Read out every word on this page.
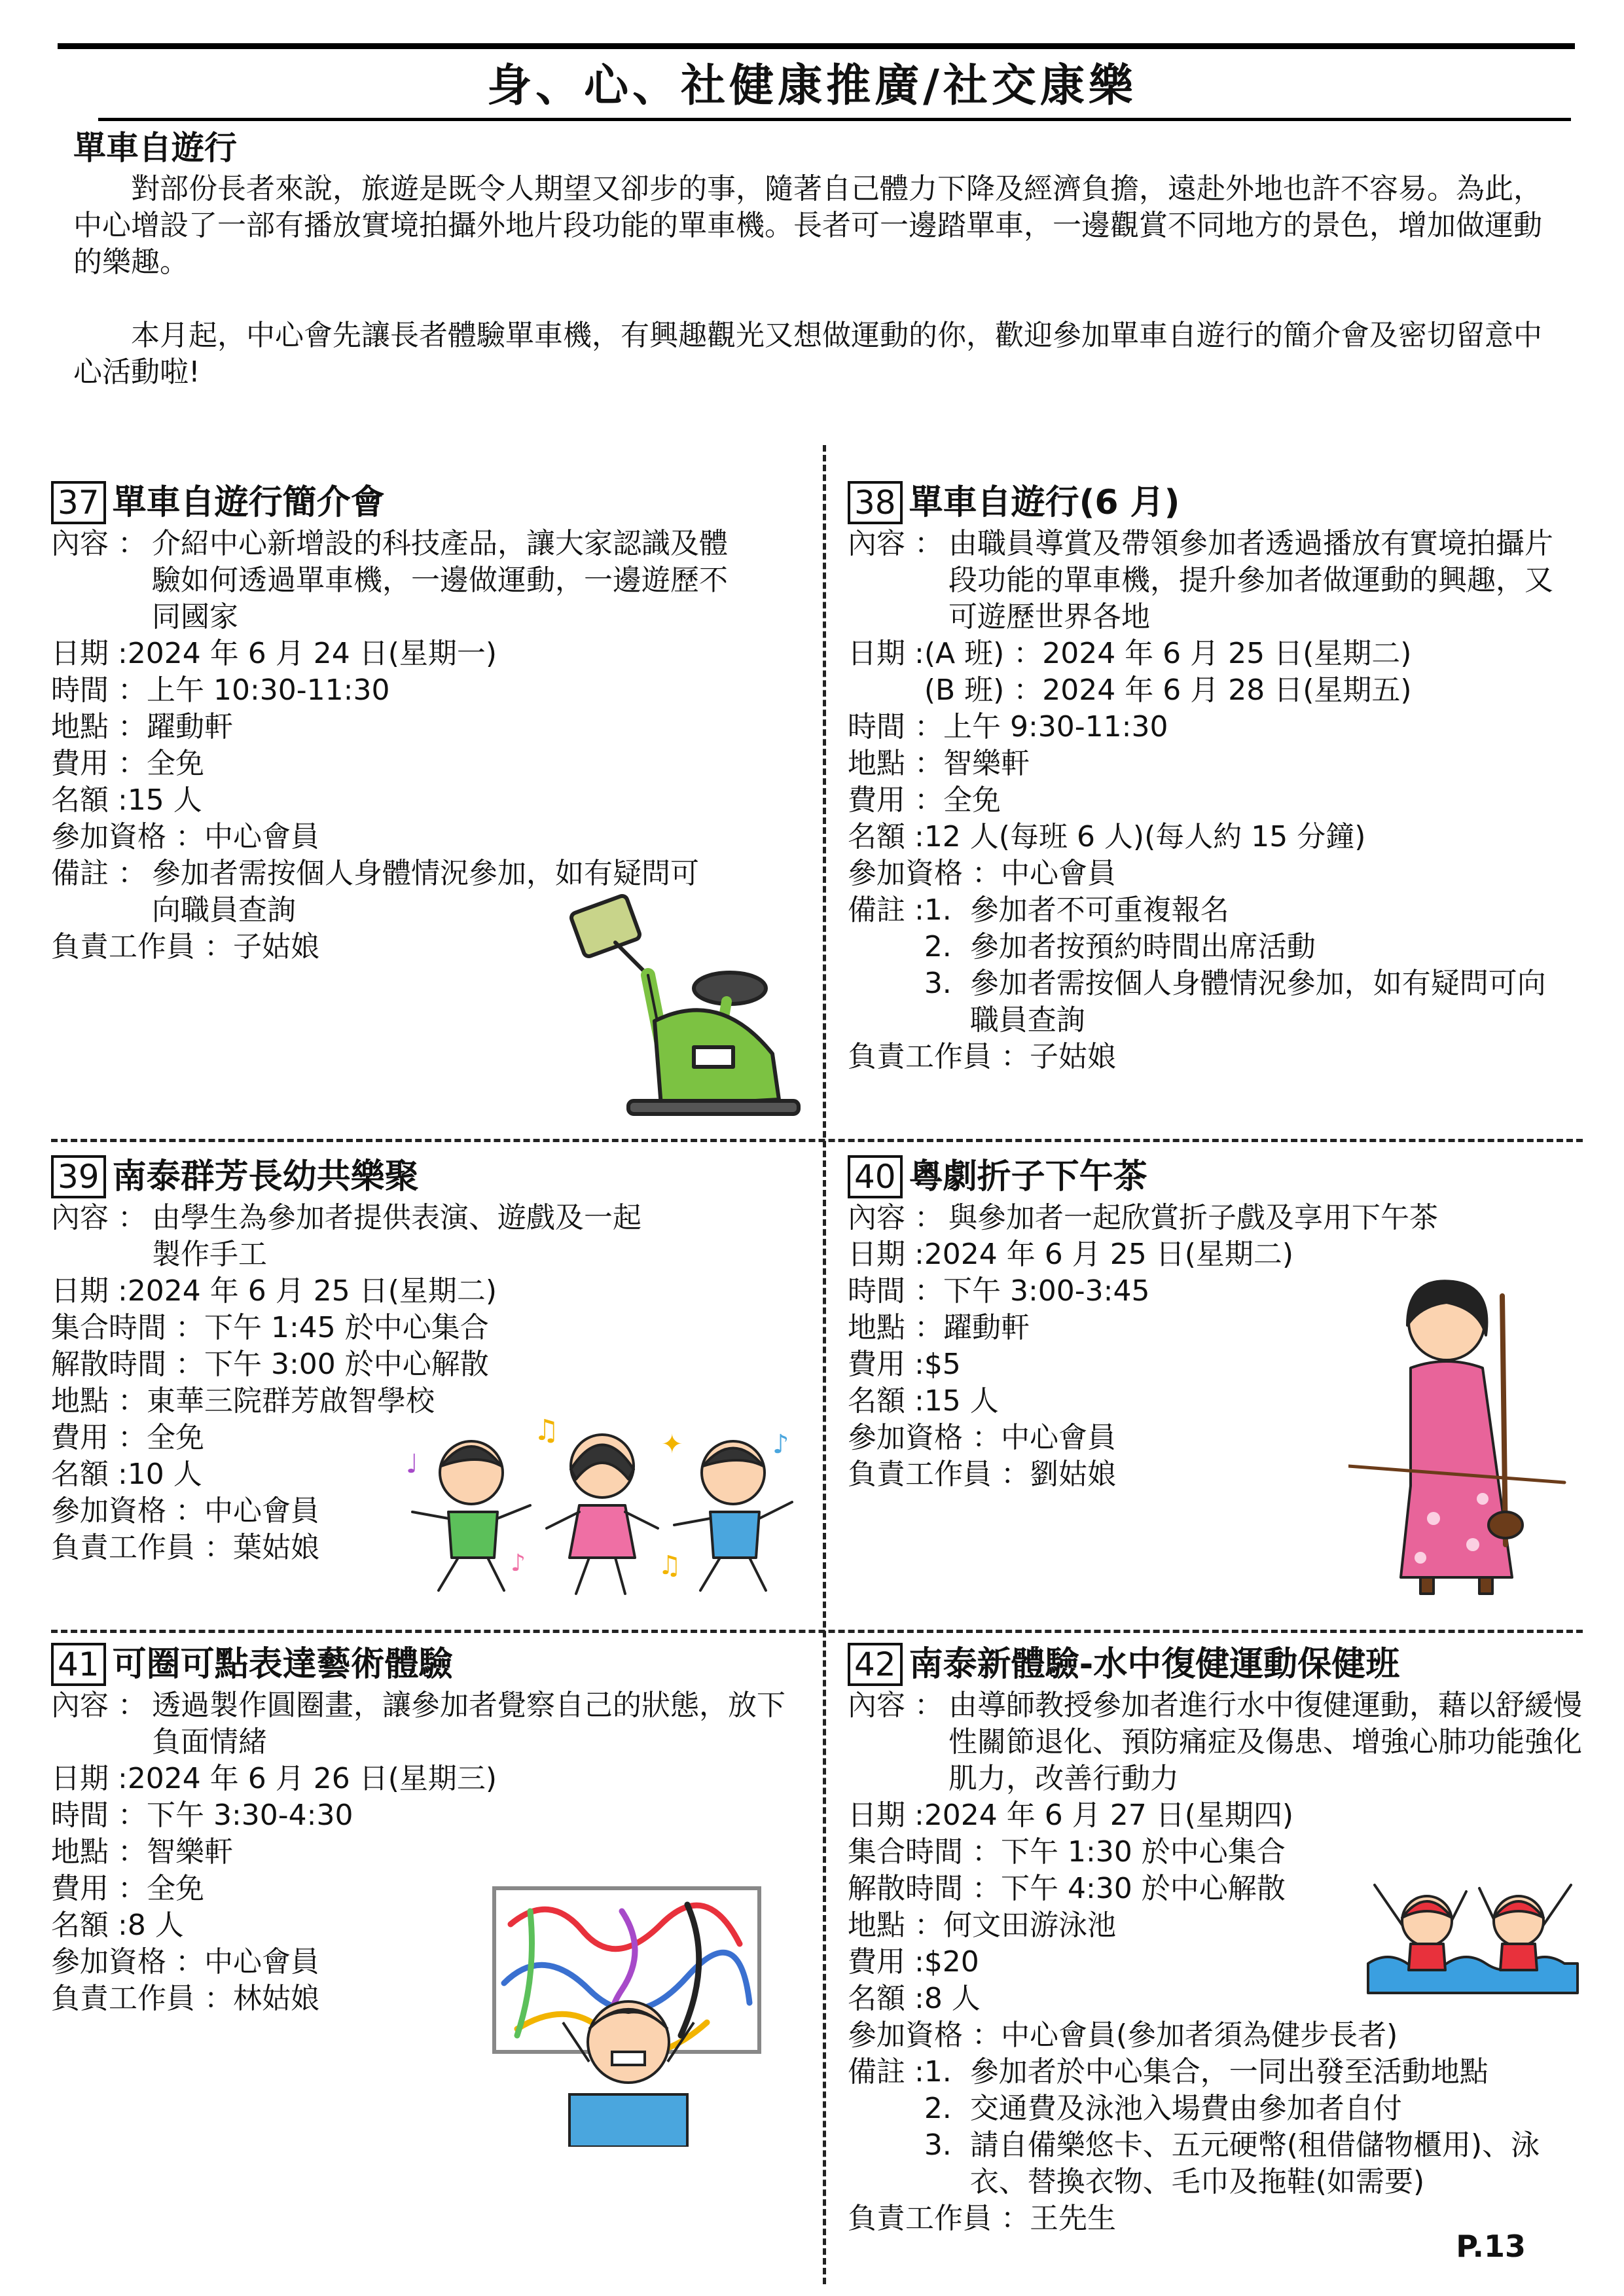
身、心、社健康推廣/社交康樂
單車自遊行

對部份長者來說，旅遊是既令人期望又卻步的事，隨著自己體力下降及經濟負擔，遠赴外地也許不容易。為此，中心增設了一部有播放實境拍攝外地片段功能的單車機。長者可一邊踏單車，一邊觀賞不同地方的景色，增加做運動的樂趣。

本月起，中心會先讓長者體驗單車機，有興趣觀光又想做運動的你，歡迎參加單車自遊行的簡介會及密切留意中心活動啦!

37 單車自遊行簡介會
內容 ： 介紹中心新增設的科技產品，讓大家認識及體驗如何透過單車機，一邊做運動，一邊遊歷不同國家
日期 : 2024 年 6 月 24 日(星期一)
時間 ： 上午 10:30-11:30
地點 ： 躍動軒
費用 ： 全免
名額 : 15 人
參加資格 ： 中心會員
備註 ： 參加者需按個人身體情況參加，如有疑問可向職員查詢
負責工作員 ： 子姑娘
38 單車自遊行(6 月)
內容 ： 由職員導賞及帶領參加者透過播放有實境拍攝片段功能的單車機，提升參加者做運動的興趣，又可遊歷世界各地
日期 : (A 班) ：2024 年 6 月 25 日(星期二)
(B 班) ：2024 年 6 月 28 日(星期五)
時間 ： 上午 9:30-11:30
地點 ： 智樂軒
費用 ： 全免
名額 : 12 人(每班 6 人)(每人約 15 分鐘)
參加資格 ： 中心會員
備註 : 1. 參加者不可重複報名
2. 參加者按預約時間出席活動
3. 參加者需按個人身體情況參加，如有疑問可向職員查詢
負責工作員 ： 子姑娘
39 南泰群芳長幼共樂聚
內容 ： 由學生為參加者提供表演、遊戲及一起製作手工
日期 : 2024 年 6 月 25 日(星期二)
集合時間 ： 下午 1:45 於中心集合
解散時間 ： 下午 3:00 於中心解散
地點 ： 東華三院群芳啟智學校
費用 ： 全免
名額 : 10 人
參加資格 ： 中心會員
負責工作員 ： 葉姑娘
♫	✦
♫
♩
♪
♪
40 粵劇折子下午茶
內容 ： 與參加者一起欣賞折子戲及享用下午茶
日期 : 2024 年 6 月 25 日(星期二)
時間 ： 下午 3:00-3:45
地點 ： 躍動軒
費用 : $5
名額 : 15 人
參加資格 ： 中心會員
負責工作員 ： 劉姑娘
41 可圈可點表達藝術體驗
內容 ： 透過製作圓圈畫，讓參加者覺察自己的狀態，放下負面情緒
日期 : 2024 年 6 月 26 日(星期三)
時間 ： 下午 3:30-4:30
地點 ： 智樂軒
費用 ： 全免
名額 : 8 人
參加資格 ： 中心會員
負責工作員 ： 林姑娘
42 南泰新體驗-水中復健運動保健班
內容 ： 由導師教授參加者進行水中復健運動，藉以舒緩慢性關節退化、預防痛症及傷患、增強心肺功能強化肌力，改善行動力
日期 : 2024 年 6 月 27 日(星期四)
集合時間 ： 下午 1:30 於中心集合
解散時間 ： 下午 4:30 於中心解散
地點 ： 何文田游泳池
費用 : $20
名額 : 8 人
參加資格 ： 中心會員(參加者須為健步長者)
備註 : 1. 參加者於中心集合，一同出發至活動地點
2. 交通費及泳池入場費由參加者自付
3. 請自備樂悠卡、五元硬幣(租借儲物櫃用)、泳衣、替換衣物、毛巾及拖鞋(如需要)
負責工作員 ： 王先生
P.13
